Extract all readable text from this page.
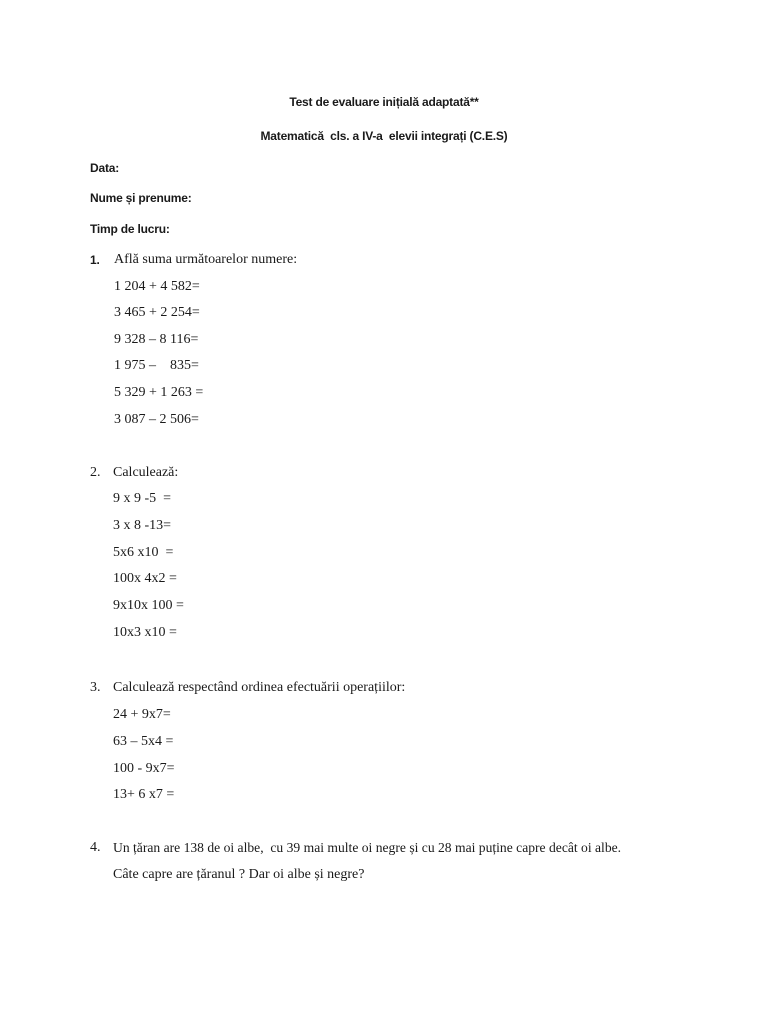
Test de evaluare inițială adaptată**
Matematică  cls. a IV-a  elevii integrați (C.E.S)
Data:
Nume și prenume:
Timp de lucru:
1. Află suma următoarelor numere:
1 204 + 4 582=
3 465 + 2 254=
9 328 – 8 116=
1 975 –    835=
5 329 + 1 263 =
3 087 – 2 506=
2. Calculează:
9 x 9 -5  =
3 x 8 -13=
5x6 x10  =
100x 4x2 =
9x10x 100 =
10x3 x10 =
3. Calculează respectând ordinea efectuării operațiilor:
24 + 9x7=
63 – 5x4 =
100 - 9x7=
13+ 6 x7 =
4. Un țăran are 138 de oi albe,  cu 39 mai multe oi negre și cu 28 mai puține capre decât oi albe.
Câte capre are țăranul ? Dar oi albe și negre?
